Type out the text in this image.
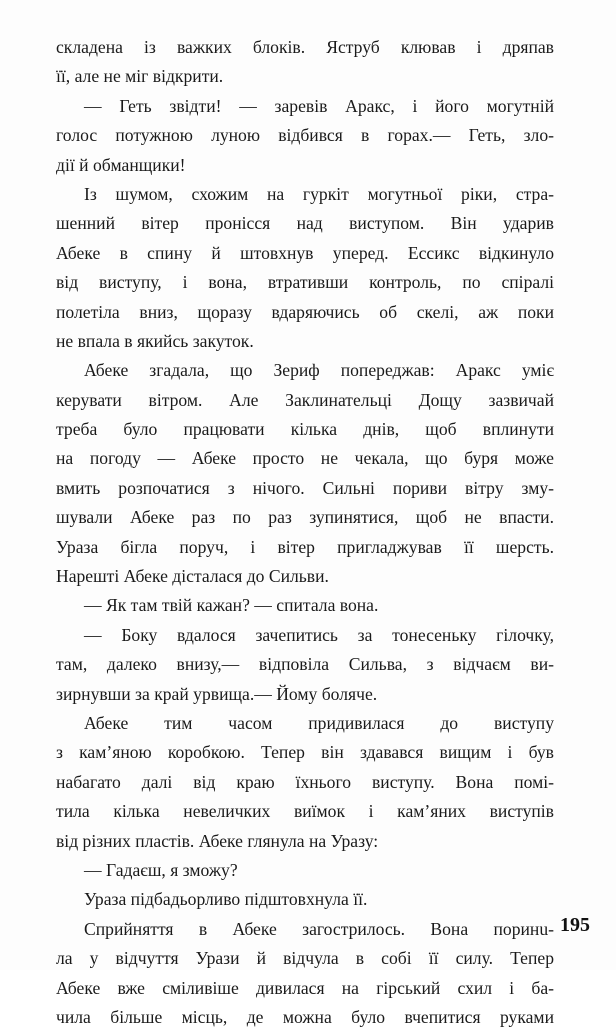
складена із важких блоків. Яструб клював і дряпав
її, але не міг відкрити.
— Геть звідти! — заревів Аракс, і його могутній
голос потужною луною відбився в горах.— Геть, зло-
дії й обманщики!
Із шумом, схожим на гуркіт могутньої ріки, стра-
шенний вітер пронісся над виступом. Він ударив
Абеке в спину й штовхнув уперед. Ессикс відкинуло
від виступу, і вона, втративши контроль, по спіралі
полетіла вниз, щоразу вдаряючись об скелі, аж поки
не впала в якийсь закуток.
Абеке згадала, що Зериф попереджав: Аракс уміє
керувати вітром. Але Заклинательці Дощу зазвичай
треба було працювати кілька днів, щоб вплинути
на погоду — Абеке просто не чекала, що буря може
вмить розпочатися з нічого. Сильні пориви вітру зму-
шували Абеке раз по раз зупинятися, щоб не впасти.
Ураза бігла поруч, і вітер пригладжував її шерсть.
Нарешті Абеке дісталася до Сильви.
— Як там твій кажан? — спитала вона.
— Боку вдалося зачепитись за тонесеньку гілочку,
там, далеко внизу,— відповіла Сильва, з відчаєм ви-
зирнувши за край урвища.— Йому боляче.
Абеке тим часом придивилася до виступу
з кам’яною коробкою. Тепер він здавався вищим і був
набагато далі від краю їхнього виступу. Вона помі-
тила кілька невеличких виїмок і кам’яних виступів
від різних пластів. Абеке глянула на Уразу:
— Гадаєш, я зможу?
Ураза підбадьорливо підштовхнула її.
Сприйняття в Абеке загострилось. Вона поринu-
ла у відчуття Урази й відчула в собі її силу. Тепер
Абеке вже сміливіше дивилася на гірський схил і ба-
чила більше місць, де можна було вчепитися руками
195
